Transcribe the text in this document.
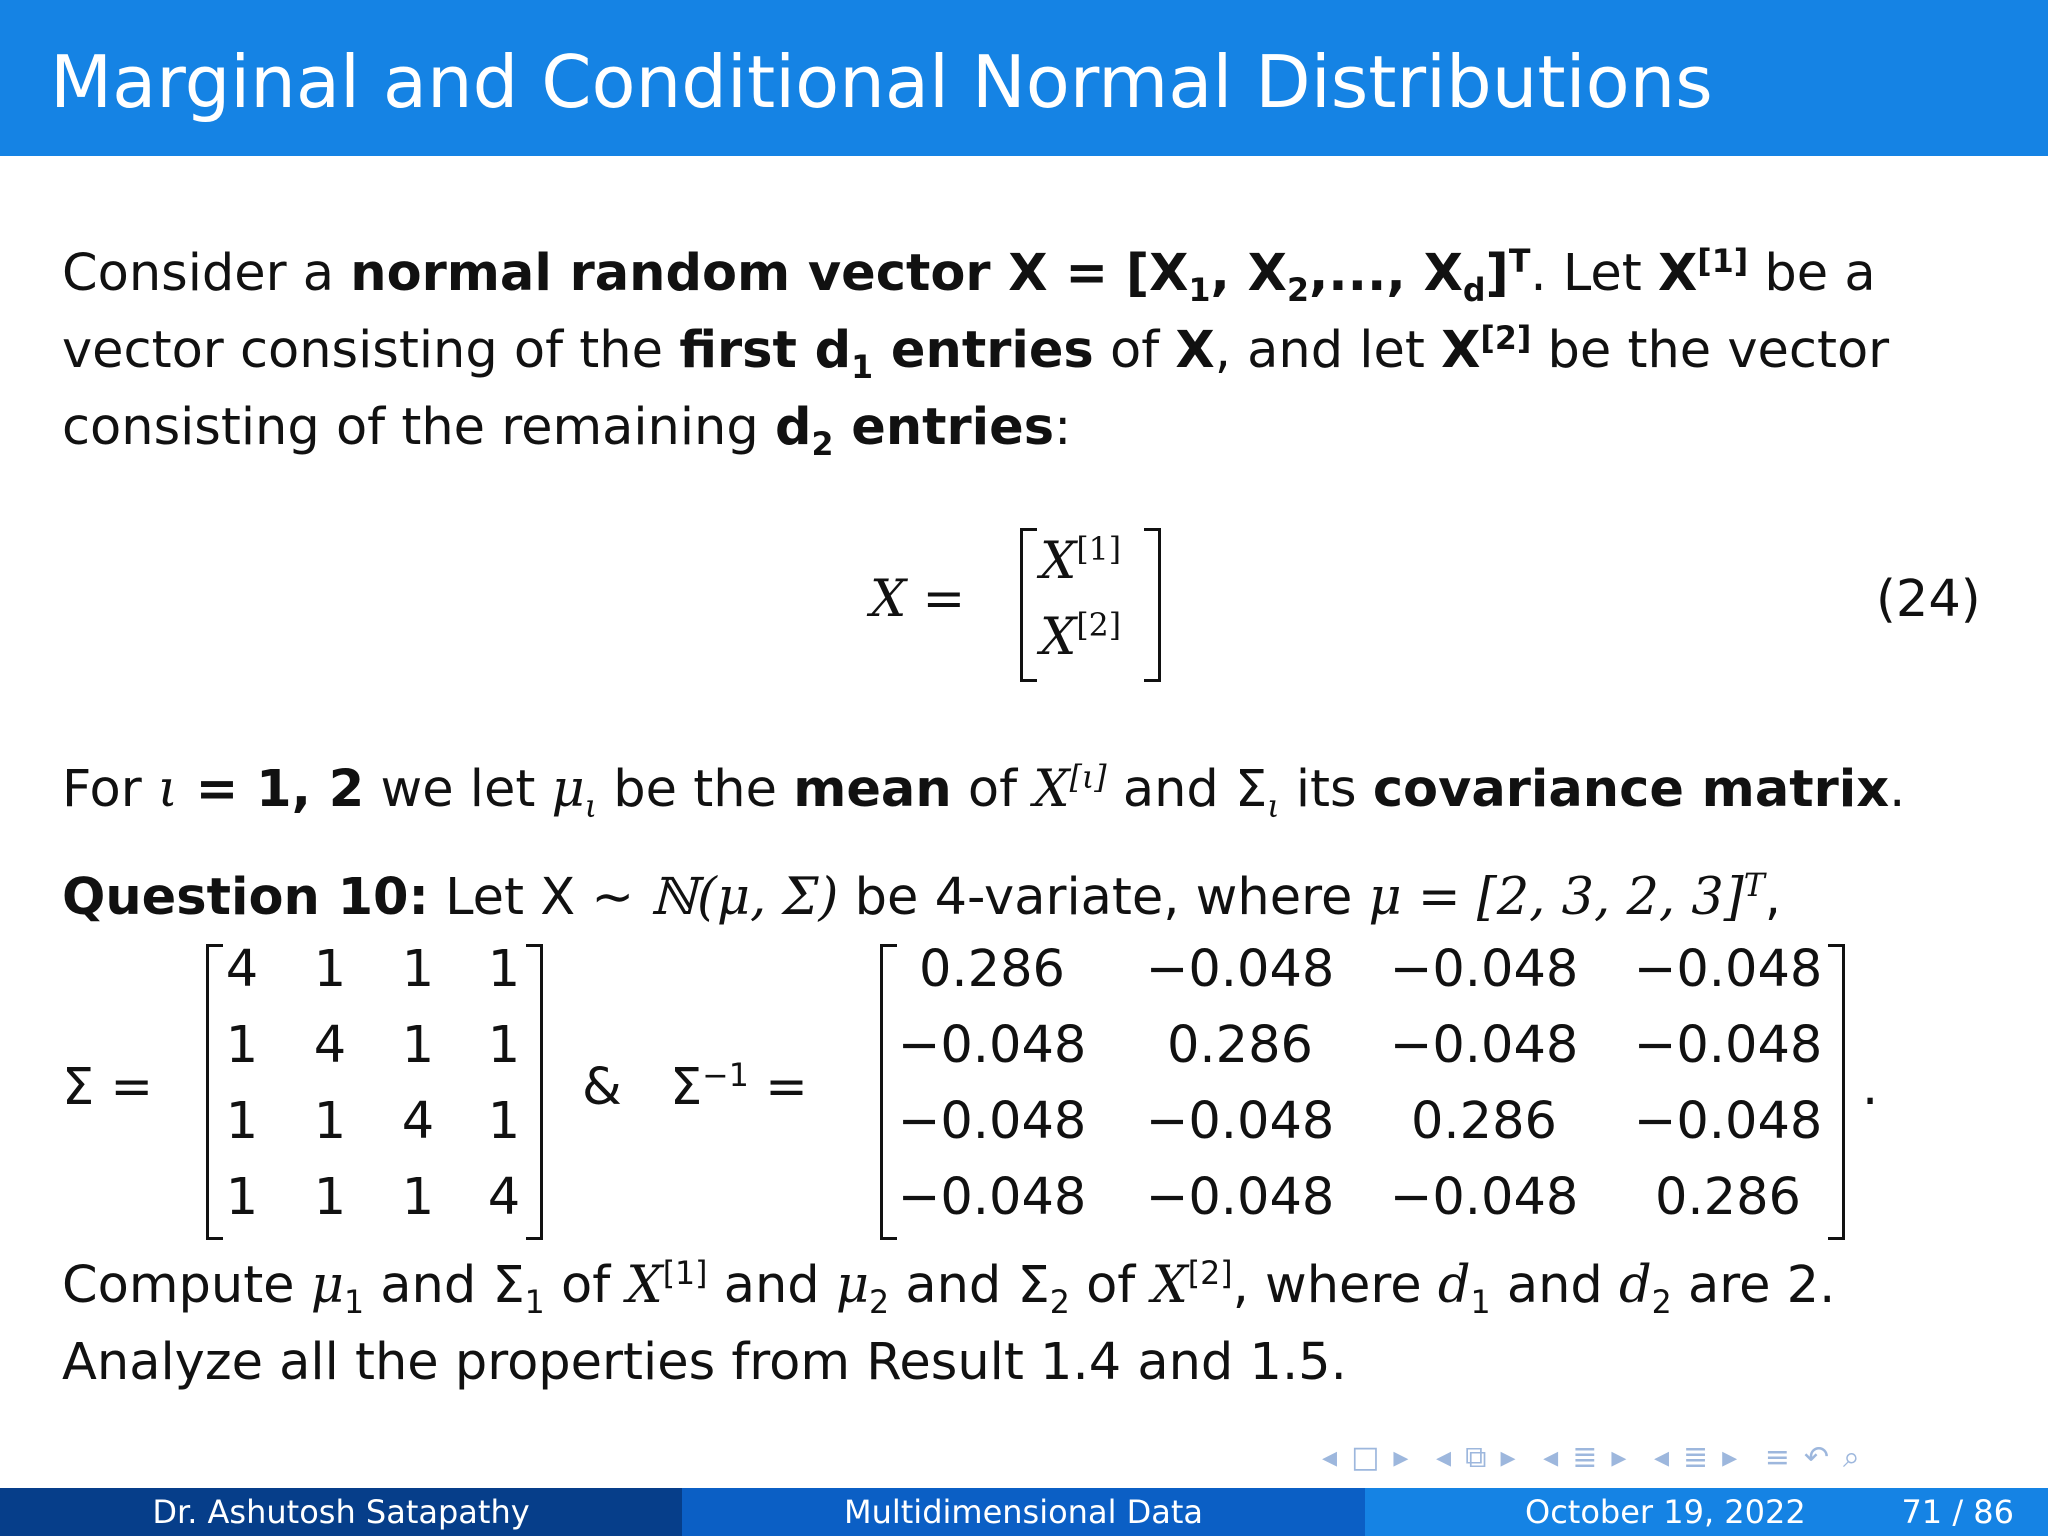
Marginal and Conditional Normal Distributions
Consider a normal random vector $X = [X_1$, $X_2$,..., $X_d]^T$. Let X[1] be a
vector consisting of the first $d_1$ entries of X, and let X[2] be the vector
consisting of the remaining $d_2$ entries:
X =
X[1]
X[2]	(24)
For ι = 1, 2 we let $\mu_\iota$ be the mean of X[ι] and $\Sigma_\iota$ its covariance matrix.
Question 10: Let X ∼ ℕ(μ, Σ) be 4-variate, where μ = [2, 3, 2, 3]$^T$,
Σ =
4 1 1 1
1 4 1 1
1 1 4 1
1 1 1 4
& $\Sigma^{-1}$ =
0.286	−0.048 −0.048 −0.048
−0.048	0.286	−0.048 −0.048
−0.048 −0.048	0.286	−0.048
−0.048 −0.048 −0.048	0.286
.
Compute $\mu_1$ and $\Sigma_1$ of X[1] and $\mu_2$ and $\Sigma_2$ of X[2], where $d_1$ and $d_2$ are 2.
Analyze all the properties from Result 1.4 and 1.5.
◂ □ ▸ ◂ ⧉ ▸ ◂ ≣ ▸ ◂ ≣ ▸ ≡ ↶ ⌕
Dr. Ashutosh Satapathy	Multidimensional Data	October 19, 2022	71 / 86
